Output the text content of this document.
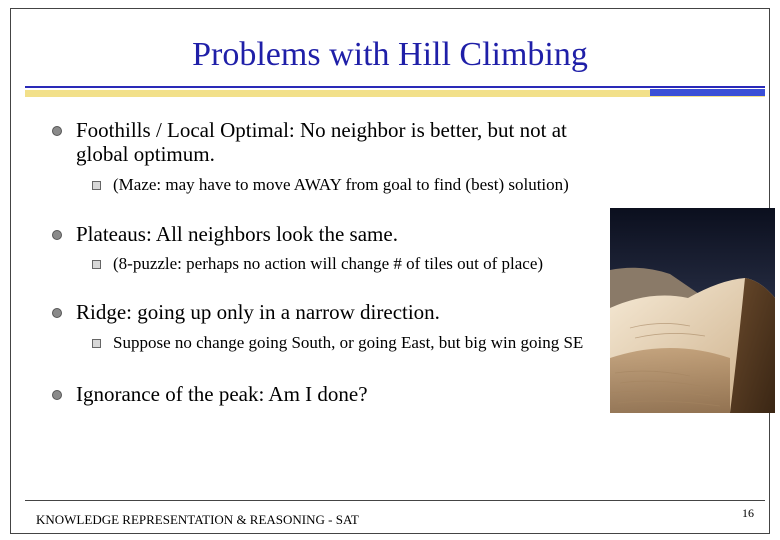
Problems with Hill Climbing
Foothills / Local Optimal: No neighbor is better, but not at global optimum.
(Maze: may have to move AWAY from goal to find (best) solution)
Plateaus: All neighbors look the same.
(8-puzzle: perhaps no action will change # of tiles out of place)
Ridge: going up only in a narrow direction.
Suppose no change going South, or going East, but big win going SE
Ignorance of the peak: Am I done?
KNOWLEDGE REPRESENTATION & REASONING - SAT	16
